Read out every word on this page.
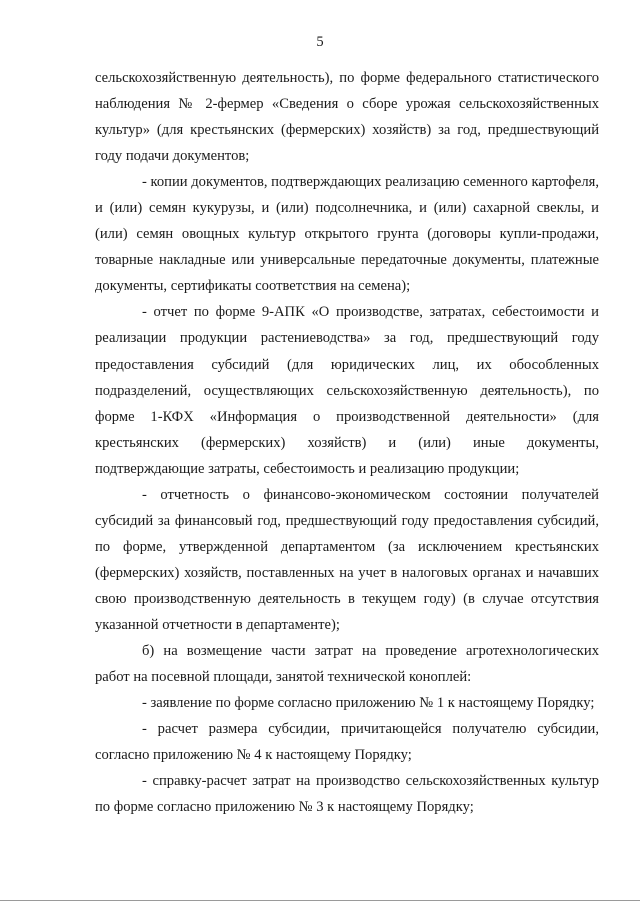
5

сельскохозяйственную деятельность), по форме федерального статистического наблюдения № 2-фермер «Сведения о сборе урожая сельскохозяйственных культур» (для крестьянских (фермерских) хозяйств) за год, предшествующий году подачи документов;

- копии документов, подтверждающих реализацию семенного картофеля, и (или) семян кукурузы, и (или) подсолнечника, и (или) сахарной свеклы, и (или) семян овощных культур открытого грунта (договоры купли-продажи, товарные накладные или универсальные передаточные документы, платежные документы, сертификаты соответствия на семена);

- отчет по форме 9-АПК «О производстве, затратах, себестоимости и реализации продукции растениеводства» за год, предшествующий году предоставления субсидий (для юридических лиц, их обособленных подразделений, осуществляющих сельскохозяйственную деятельность), по форме 1-КФХ «Информация о производственной деятельности» (для крестьянских (фермерских) хозяйств) и (или) иные документы, подтверждающие затраты, себестоимость и реализацию продукции;

- отчетность о финансово-экономическом состоянии получателей субсидий за финансовый год, предшествующий году предоставления субсидий, по форме, утвержденной департаментом (за исключением крестьянских (фермерских) хозяйств, поставленных на учет в налоговых органах и начавших свою производственную деятельность в текущем году) (в случае отсутствия указанной отчетности в департаменте);

б) на возмещение части затрат на проведение агротехнологических работ на посевной площади, занятой технической коноплей:

- заявление по форме согласно приложению № 1 к настоящему Порядку;

- расчет размера субсидии, причитающейся получателю субсидии, согласно приложению № 4 к настоящему Порядку;

- справку-расчет затрат на производство сельскохозяйственных культур по форме согласно приложению № 3 к настоящему Порядку;
